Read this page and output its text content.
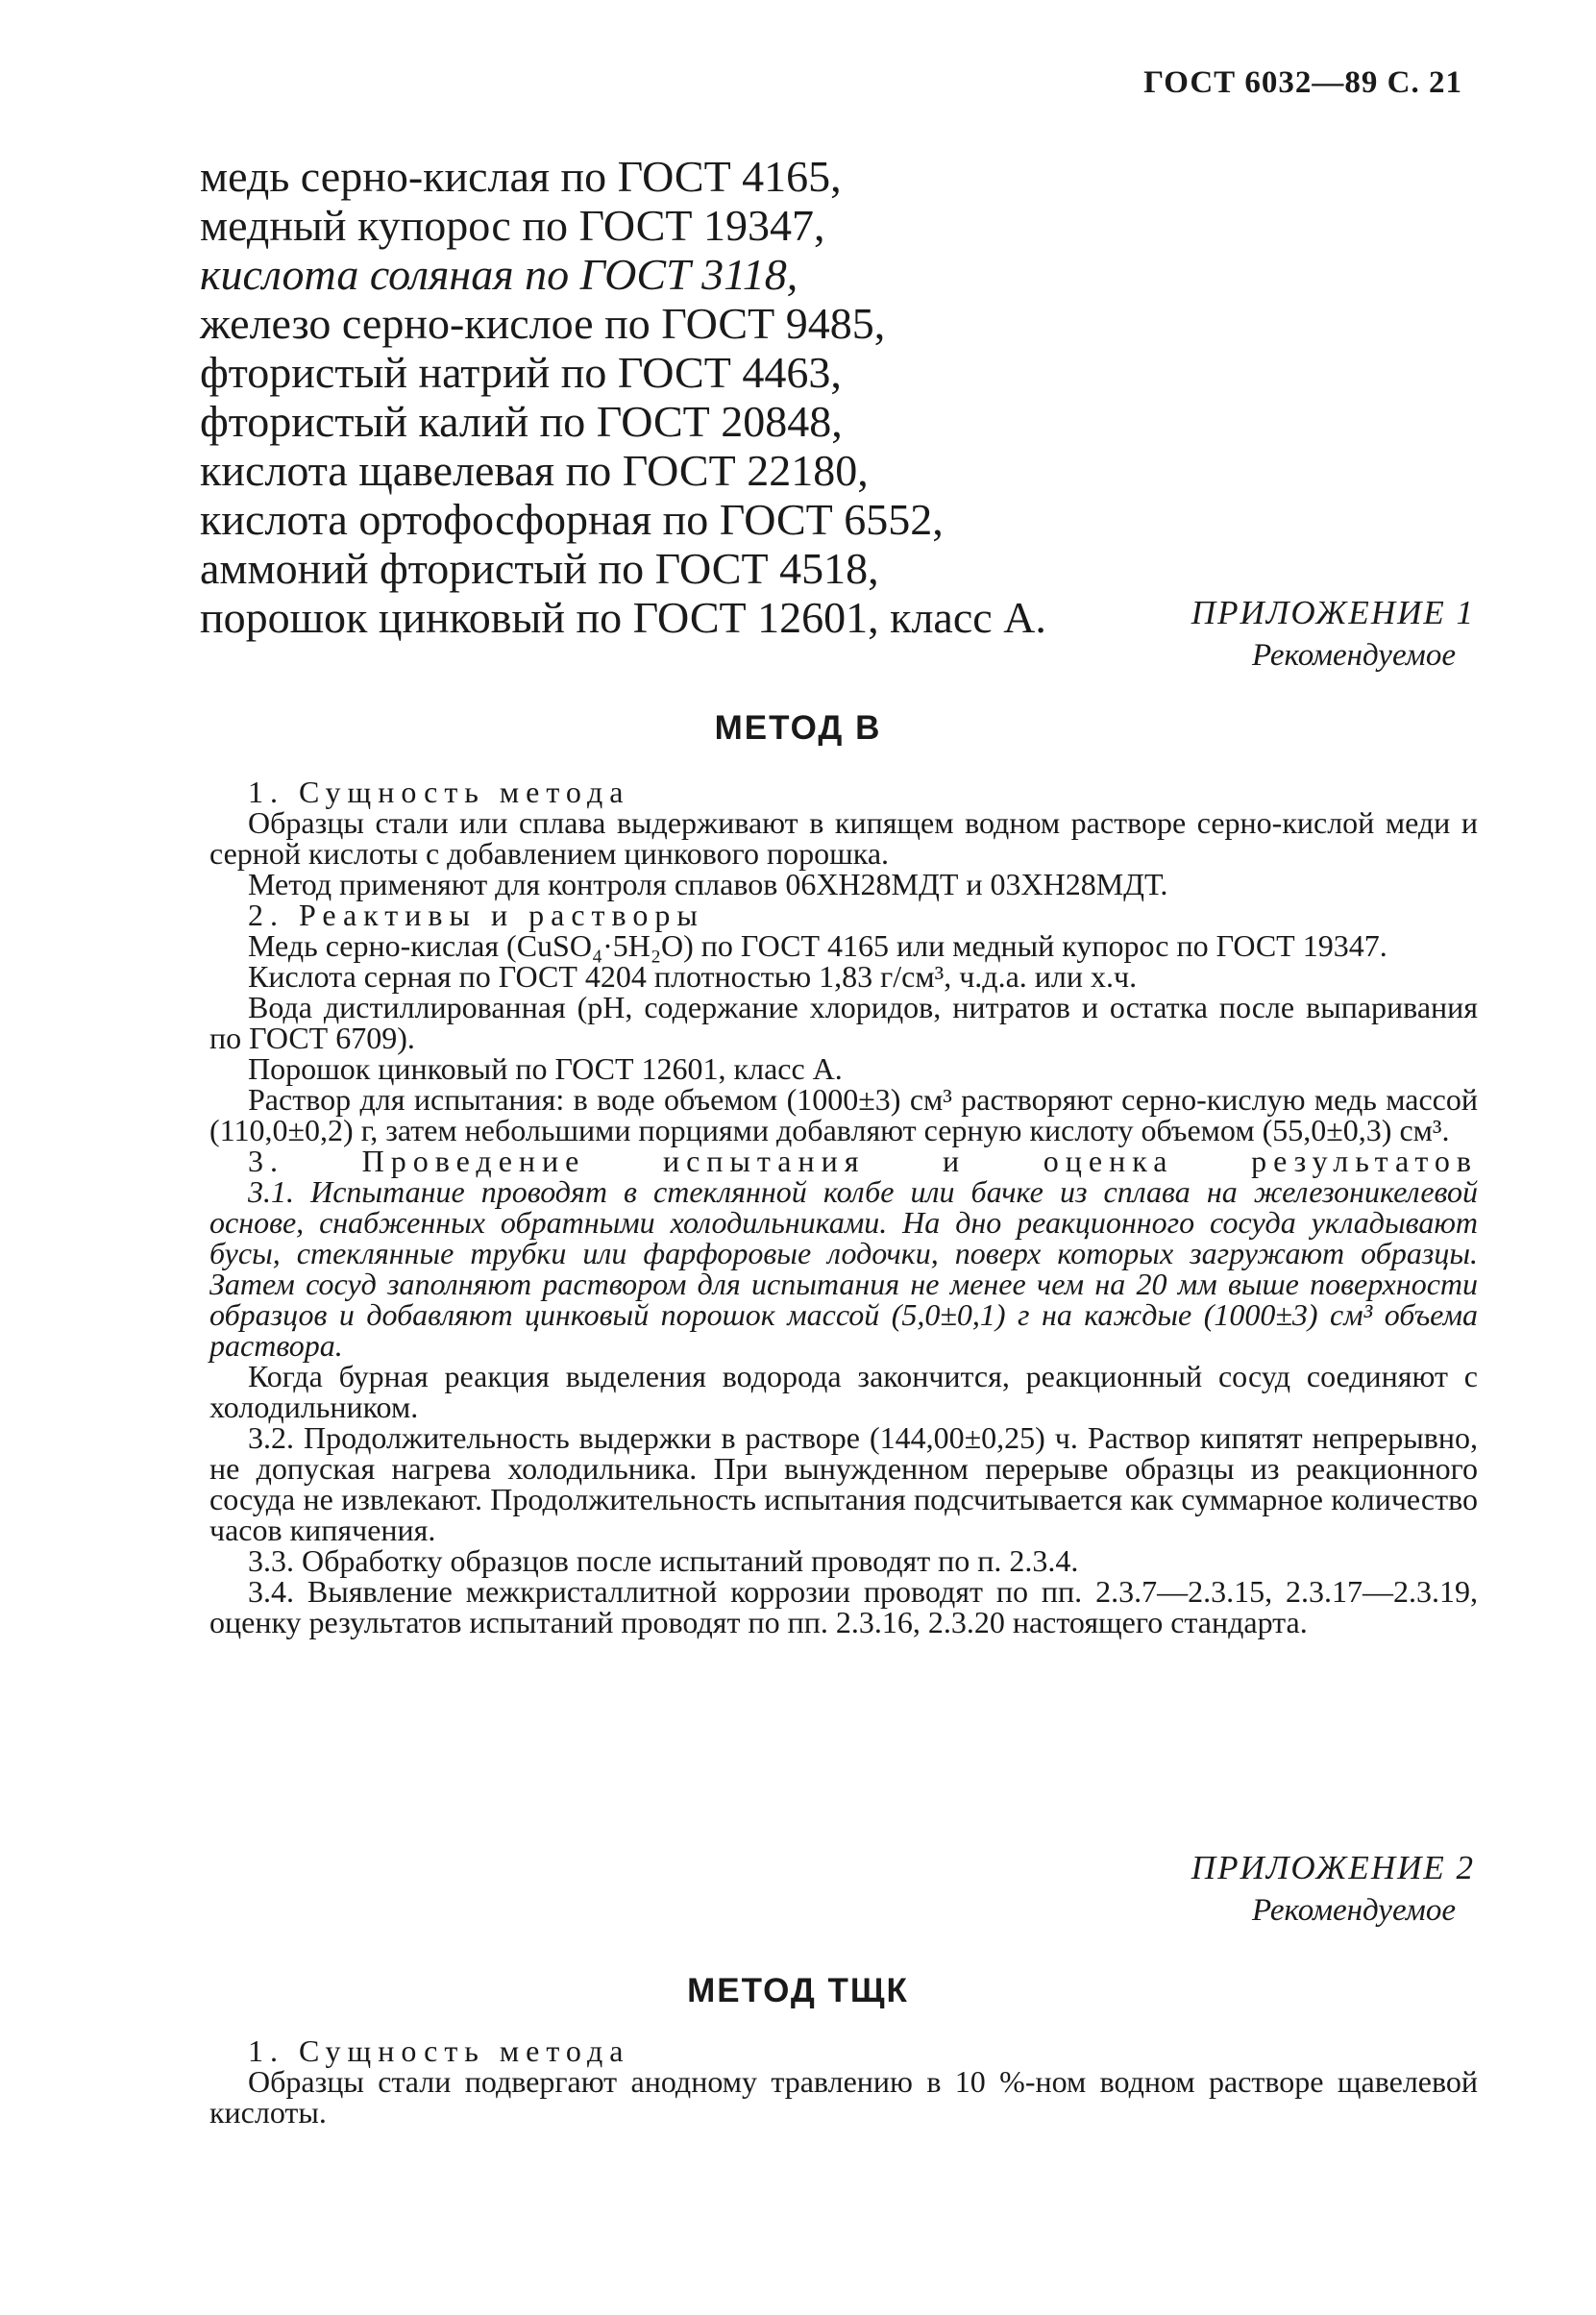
ГОСТ 6032—89 С. 21
медь серно-кислая по ГОСТ 4165,
медный купорос по ГОСТ 19347,
кислота соляная по ГОСТ 3118,
железо серно-кислое по ГОСТ 9485,
фтористый натрий по ГОСТ 4463,
фтористый калий по ГОСТ 20848,
кислота щавелевая по ГОСТ 22180,
кислота ортофосфорная по ГОСТ 6552,
аммоний фтористый по ГОСТ 4518,
порошок цинковый по ГОСТ 12601, класс А.	ПРИЛОЖЕНИЕ 1
Рекомендуемое
МЕТОД В

1. Сущность метода

Образцы стали или сплава выдерживают в кипящем водном растворе серно-кислой меди и серной кислоты с добавлением цинкового порошка.

Метод применяют для контроля сплавов 06ХН28МДТ и 03ХН28МДТ.

2. Реактивы и растворы

Медь серно-кислая (CuSO₄·5H₂O) по ГОСТ 4165 или медный купорос по ГОСТ 19347.

Кислота серная по ГОСТ 4204 плотностью 1,83 г/см³, ч.д.а. или х.ч.

Вода дистиллированная (рН, содержание хлоридов, нитратов и остатка после выпаривания по ГОСТ 6709).

Порошок цинковый по ГОСТ 12601, класс А.

Раствор для испытания: в воде объемом (1000±3) см³ растворяют серно-кислую медь массой (110,0±0,2) г, затем небольшими порциями добавляют серную кислоту объемом (55,0±0,3) см³.

3. Проведение испытания и оценка результатов

3.1. Испытание проводят в стеклянной колбе или бачке из сплава на железоникелевой основе, снабженных обратными холодильниками. На дно реакционного сосуда укладывают бусы, стеклянные трубки или фарфоровые лодочки, поверх которых загружают образцы. Затем сосуд заполняют раствором для испытания не менее чем на 20 мм выше поверхности образцов и добавляют цинковый порошок массой (5,0±0,1) г на каждые (1000±3) см³ объема раствора.

Когда бурная реакция выделения водорода закончится, реакционный сосуд соединяют с холодильником.

3.2. Продолжительность выдержки в растворе (144,00±0,25) ч. Раствор кипятят непрерывно, не допуская нагрева холодильника. При вынужденном перерыве образцы из реакционного сосуда не извлекают. Продолжительность испытания подсчитывается как суммарное количество часов кипячения.

3.3. Обработку образцов после испытаний проводят по п. 2.3.4.

3.4. Выявление межкристаллитной коррозии проводят по пп. 2.3.7—2.3.15, 2.3.17—2.3.19, оценку результатов испытаний проводят по пп. 2.3.16, 2.3.20 настоящего стандарта.

ПРИЛОЖЕНИЕ 2
Рекомендуемое
МЕТОД ТЩК

1. Сущность метода

Образцы стали подвергают анодному травлению в 10 %-ном водном растворе щавелевой кислоты.
